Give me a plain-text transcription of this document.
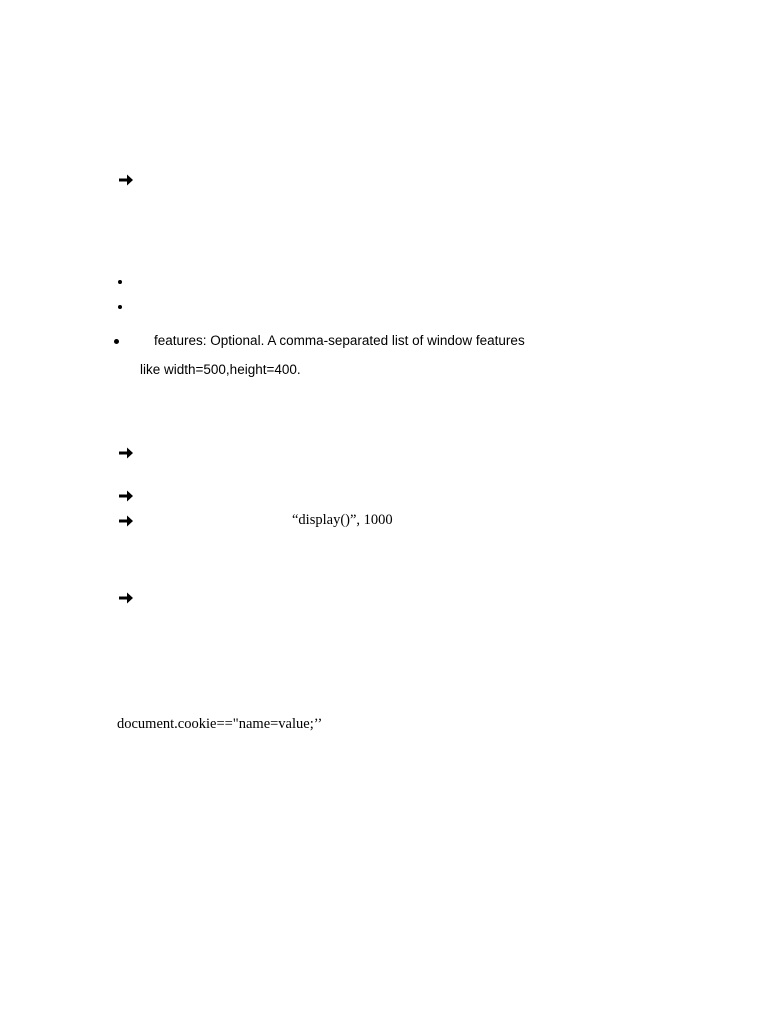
features: Optional. A comma-separated list of window features
like width=500,height=400.
“display()”, 1000
document.cookie=="name=value;’’
